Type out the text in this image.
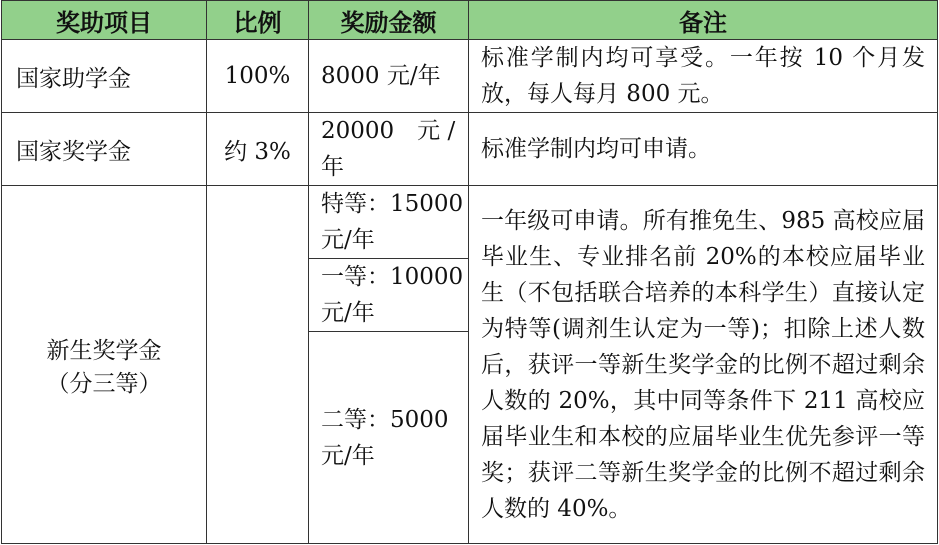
奖助项目	比例	奖励金额	备注
国家助学金	100%	8000 元/年	标准学制内均可享受。一年按 10 个月发放，每人每月 800 元。
国家奖学金	约 3%	20000　元 / 年	标准学制内均可申请。

新生奖学金
（分三等）		特等：15000 元/年	一年级可申请。所有推免生、985 高校应届毕业生、专业排名前 20%的本校应届毕业生（不包括联合培养的本科学生）直接认定为特等(调剂生认定为一等)；扣除上述人数后，获评一等新生奖学金的比例不超过剩余人数的 20%，其中同等条件下 211 高校应届毕业生和本校的应届毕业生优先参评一等奖；获评二等新生奖学金的比例不超过剩余人数的 40%。
		一等：10000 元/年	
		二等：5000 元/年	
